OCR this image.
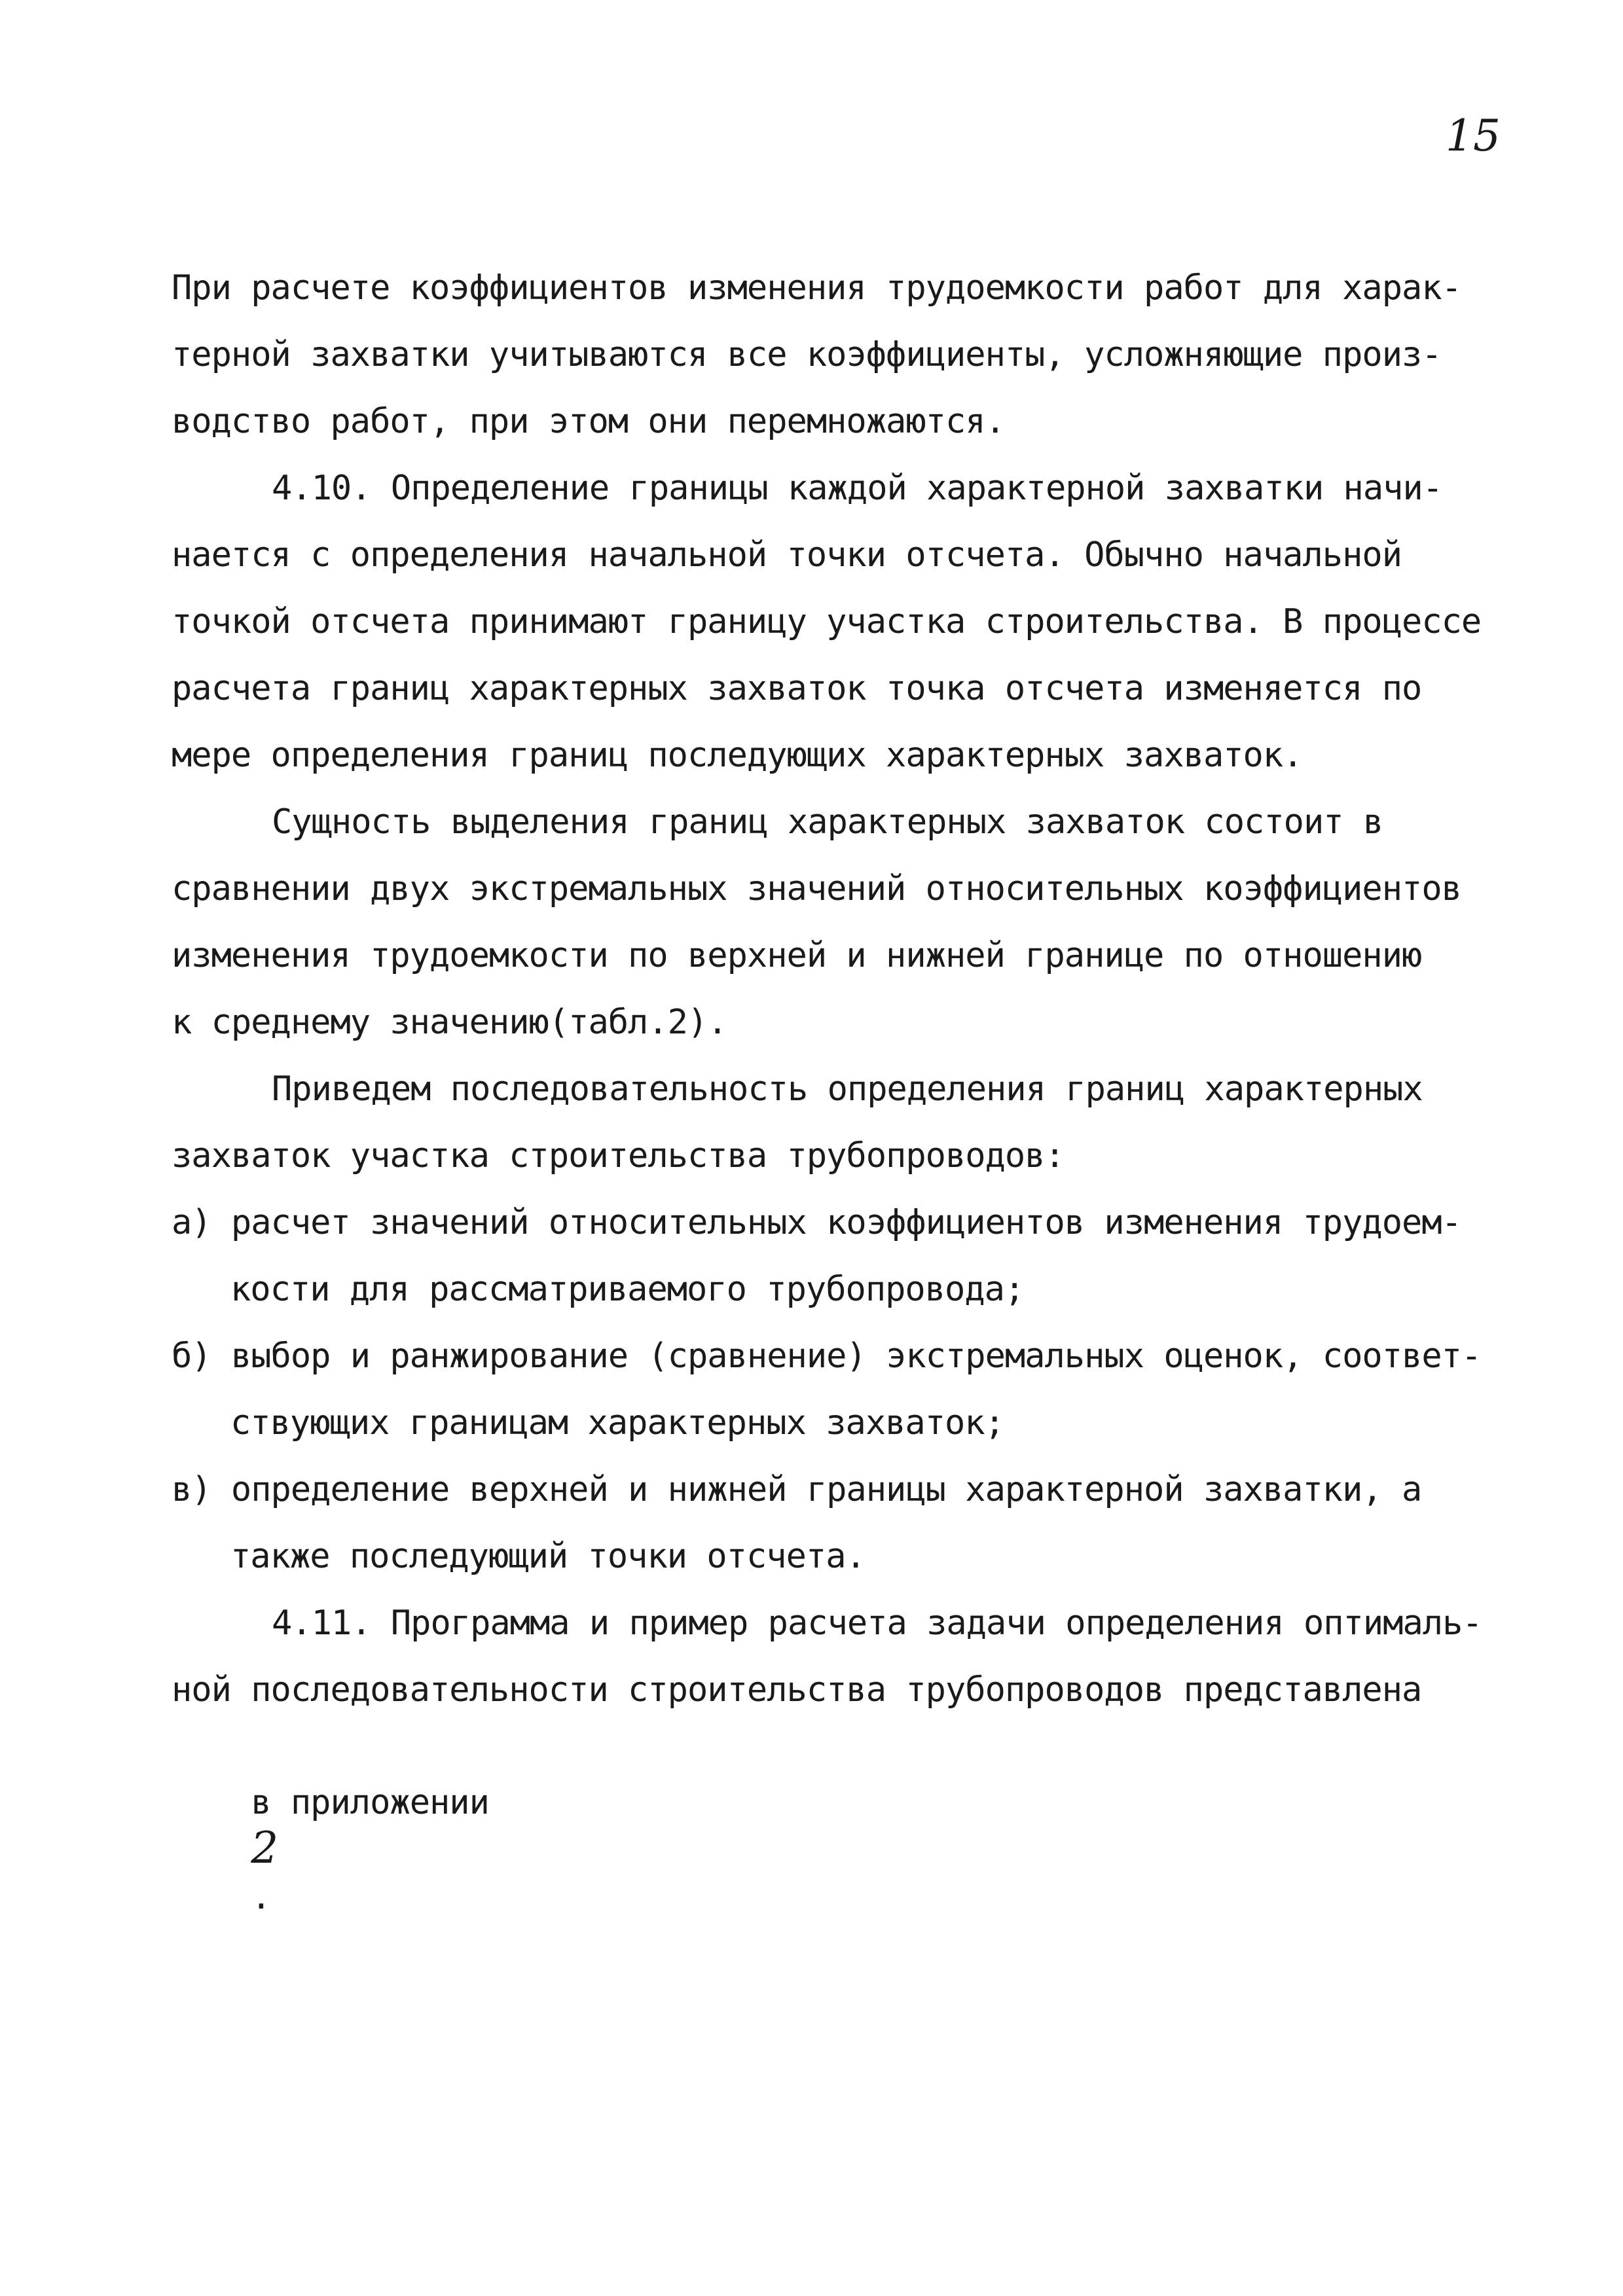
15
При расчете коэффициентов изменения трудоемкости работ для харак-
терной захватки учитываются все коэффициенты, усложняющие произ-
водство работ, при этом они перемножаются.
4.10. Определение границы каждой характерной захватки начи-
нается с определения начальной точки отсчета. Обычно начальной
точкой отсчета принимают границу участка строительства. В процессе
расчета границ характерных захваток точка отсчета изменяется по
мере определения границ последующих характерных захваток.
Сущность выделения границ характерных захваток состоит в
сравнении двух экстремальных значений относительных коэффициентов
изменения трудоемкости по верхней и нижней границе по отношению
к среднему значению(табл.2).
Приведем последовательность определения границ характерных
захваток участка строительства трубопроводов:
а) расчет значений относительных коэффициентов изменения трудоем-
кости для рассматриваемого трубопровода;
б) выбор и ранжирование (сравнение) экстремальных оценок, соответ-
ствующих границам характерных захваток;
в) определение верхней и нижней границы характерной захватки, а
также последующий точки отсчета.
4.11. Программа и пример расчета задачи определения оптималь-
ной последовательности строительства трубопроводов представлена

в приложении
2
.
